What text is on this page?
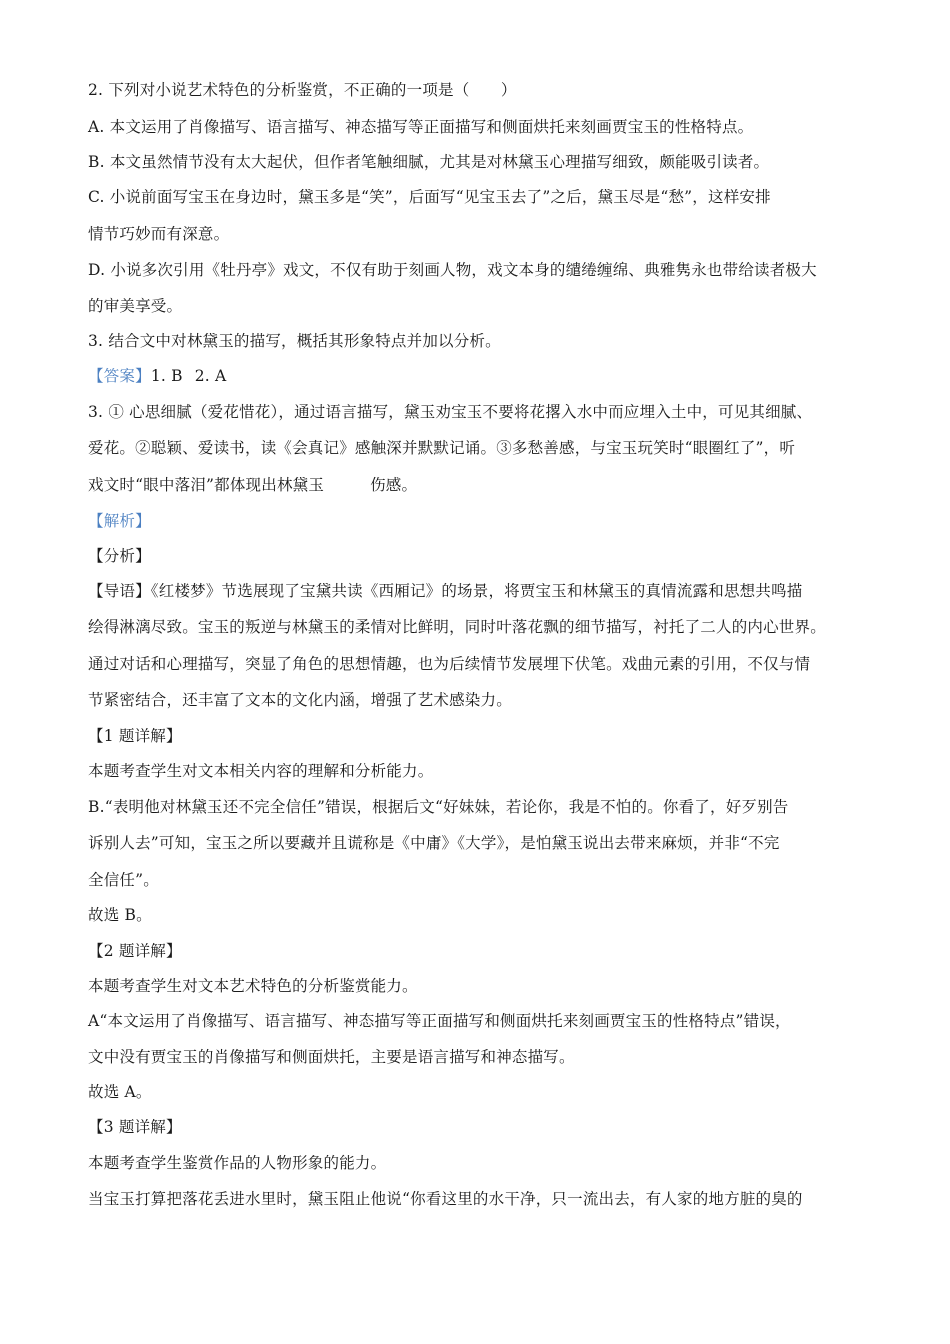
2. 下列对小说艺术特色的分析鉴赏，不正确的一项是（　　）
A. 本文运用了肖像描写、语言描写、神态描写等正面描写和侧面烘托来刻画贾宝玉的性格特点。
B. 本文虽然情节没有太大起伏，但作者笔触细腻，尤其是对林黛玉心理描写细致，颇能吸引读者。
C. 小说前面写宝玉在身边时，黛玉多是“笑”，后面写“见宝玉去了”之后，黛玉尽是“愁”，这样安排
情节巧妙而有深意。
D. 小说多次引用《牡丹亭》戏文，不仅有助于刻画人物，戏文本身的缱绻缠绵、典雅隽永也带给读者极大
的审美享受。
3. 结合文中对林黛玉的描写，概括其形象特点并加以分析。
【答案】1. B 2. A
3. ① 心思细腻（爱花惜花），通过语言描写，黛玉劝宝玉不要将花撂入水中而应埋入土中，可见其细腻、
爱花。②聪颖、爱读书，读《会真记》感触深并默默记诵。③多愁善感，与宝玉玩笑时“眼圈红了”，听
戏文时“眼中落泪”都体现出林黛玉	伤感。
【解析】
【分析】
【导语】《红楼梦》节选展现了宝黛共读《西厢记》的场景，将贾宝玉和林黛玉的真情流露和思想共鸣描
绘得淋漓尽致。宝玉的叛逆与林黛玉的柔情对比鲜明，同时叶落花飘的细节描写，衬托了二人的内心世界。
通过对话和心理描写，突显了角色的思想情趣，也为后续情节发展埋下伏笔。戏曲元素的引用，不仅与情
节紧密结合，还丰富了文本的文化内涵，增强了艺术感染力。
【1 题详解】
本题考查学生对文本相关内容的理解和分析能力。
B.“表明他对林黛玉还不完全信任”错误，根据后文“好妹妹，若论你，我是不怕的。你看了，好歹别告
诉别人去”可知，宝玉之所以要藏并且谎称是《中庸》《大学》，是怕黛玉说出去带来麻烦，并非“不完
全信任”。
故选 B。
【2 题详解】
本题考查学生对文本艺术特色的分析鉴赏能力。
A“本文运用了肖像描写、语言描写、神态描写等正面描写和侧面烘托来刻画贾宝玉的性格特点”错误，
文中没有贾宝玉的肖像描写和侧面烘托，主要是语言描写和神态描写。
故选 A。
【3 题详解】
本题考查学生鉴赏作品的人物形象的能力。
当宝玉打算把落花丢进水里时，黛玉阻止他说“你看这里的水干净，只一流出去，有人家的地方脏的臭的
